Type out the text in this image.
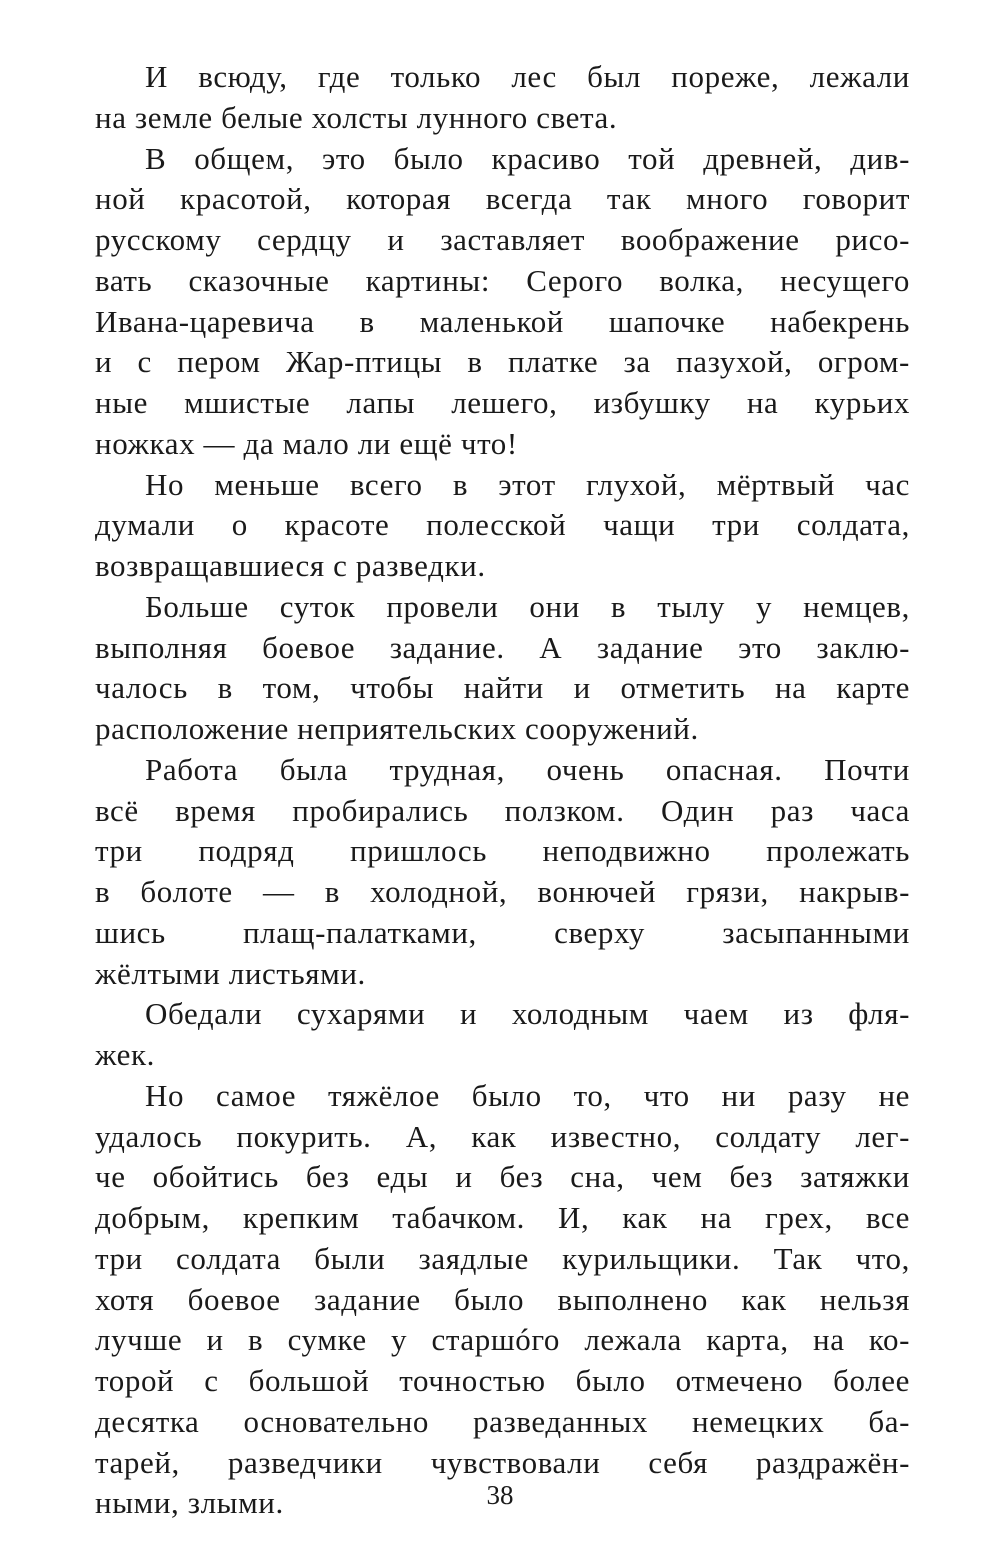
И всюду, где только лес был пореже, лежали
на земле белые холсты лунного света.
В общем, это было красиво той древней, див-
ной красотой, которая всегда так много говорит
русскому сердцу и заставляет воображение рисо-
вать сказочные картины: Серого волка, несущего
Ивана-царевича в маленькой шапочке набекрень
и с пером Жар-птицы в платке за пазухой, огром-
ные мшистые лапы лешего, избушку на курьих
ножках — да мало ли ещё что!
Но меньше всего в этот глухой, мёртвый час
думали о красоте полесской чащи три солдата,
возвращавшиеся с разведки.
Больше суток провели они в тылу у немцев,
выполняя боевое задание. А задание это заклю-
чалось в том, чтобы найти и отметить на карте
расположение неприятельских сооружений.
Работа была трудная, очень опасная. Почти
всё время пробирались ползком. Один раз часа
три подряд пришлось неподвижно пролежать
в болоте — в холодной, вонючей грязи, накрыв-
шись плащ-палатками, сверху засыпанными
жёлтыми листьями.
Обедали сухарями и холодным чаем из фля-
жек.
Но самое тяжёлое было то, что ни разу не
удалось покурить. А, как известно, солдату лег-
че обойтись без еды и без сна, чем без затяжки
добрым, крепким табачком. И, как на грех, все
три солдата были заядлые курильщики. Так что,
хотя боевое задание было выполнено как нельзя
лучше и в сумке у старшóго лежала карта, на ко-
торой с большой точностью было отмечено более
десятка основательно разведанных немецких ба-
тарей, разведчики чувствовали себя раздражён-
ными, злыми.	38
